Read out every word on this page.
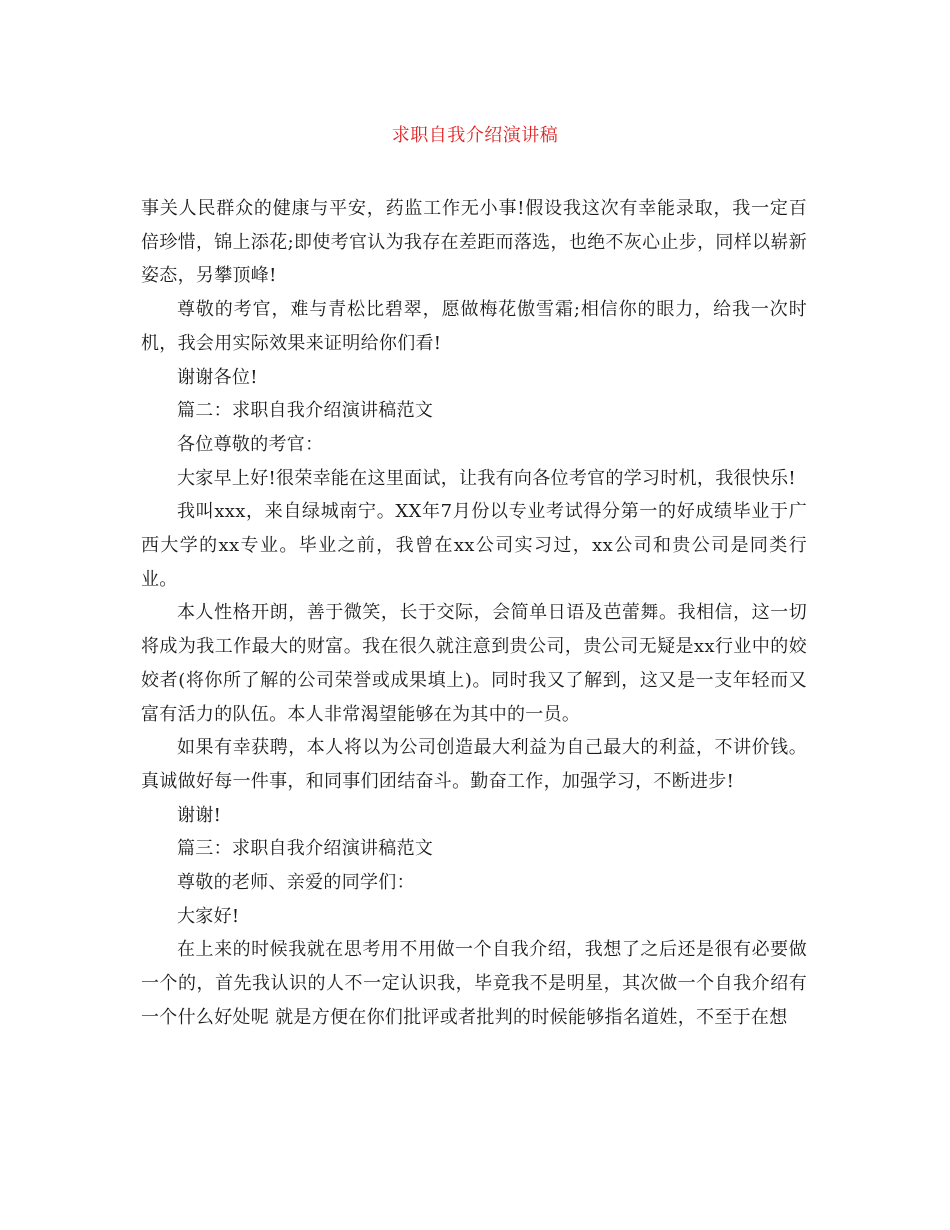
求职自我介绍演讲稿

事关人民群众的健康与平安，药监工作无小事!假设我这次有幸能录取，我一定百倍珍惜，锦上添花;即使考官认为我存在差距而落选，也绝不灰心止步，同样以崭新姿态，另攀顶峰!

尊敬的考官，难与青松比碧翠，愿做梅花傲雪霜;相信你的眼力，给我一次时机，我会用实际效果来证明给你们看!

谢谢各位!

篇二：求职自我介绍演讲稿范文

各位尊敬的考官：

大家早上好!很荣幸能在这里面试，让我有向各位考官的学习时机，我很快乐!

我叫xxx，来自绿城南宁。XX年7月份以专业考试得分第一的好成绩毕业于广西大学的xx专业。毕业之前，我曾在xx公司实习过，xx公司和贵公司是同类行业。

本人性格开朗，善于微笑，长于交际，会简单日语及芭蕾舞。我相信，这一切将成为我工作最大的财富。我在很久就注意到贵公司，贵公司无疑是xx行业中的姣姣者(将你所了解的公司荣誉或成果填上)。同时我又了解到，这又是一支年轻而又富有活力的队伍。本人非常渴望能够在为其中的一员。

如果有幸获聘，本人将以为公司创造最大利益为自己最大的利益，不讲价钱。真诚做好每一件事，和同事们团结奋斗。勤奋工作，加强学习，不断进步!

谢谢!

篇三：求职自我介绍演讲稿范文

尊敬的老师、亲爱的同学们：

大家好!

在上来的时候我就在思考用不用做一个自我介绍，我想了之后还是很有必要做一个的，首先我认识的人不一定认识我，毕竟我不是明星，其次做一个自我介绍有一个什么好处呢 就是方便在你们批评或者批判的时候能够指名道姓，不至于在想
